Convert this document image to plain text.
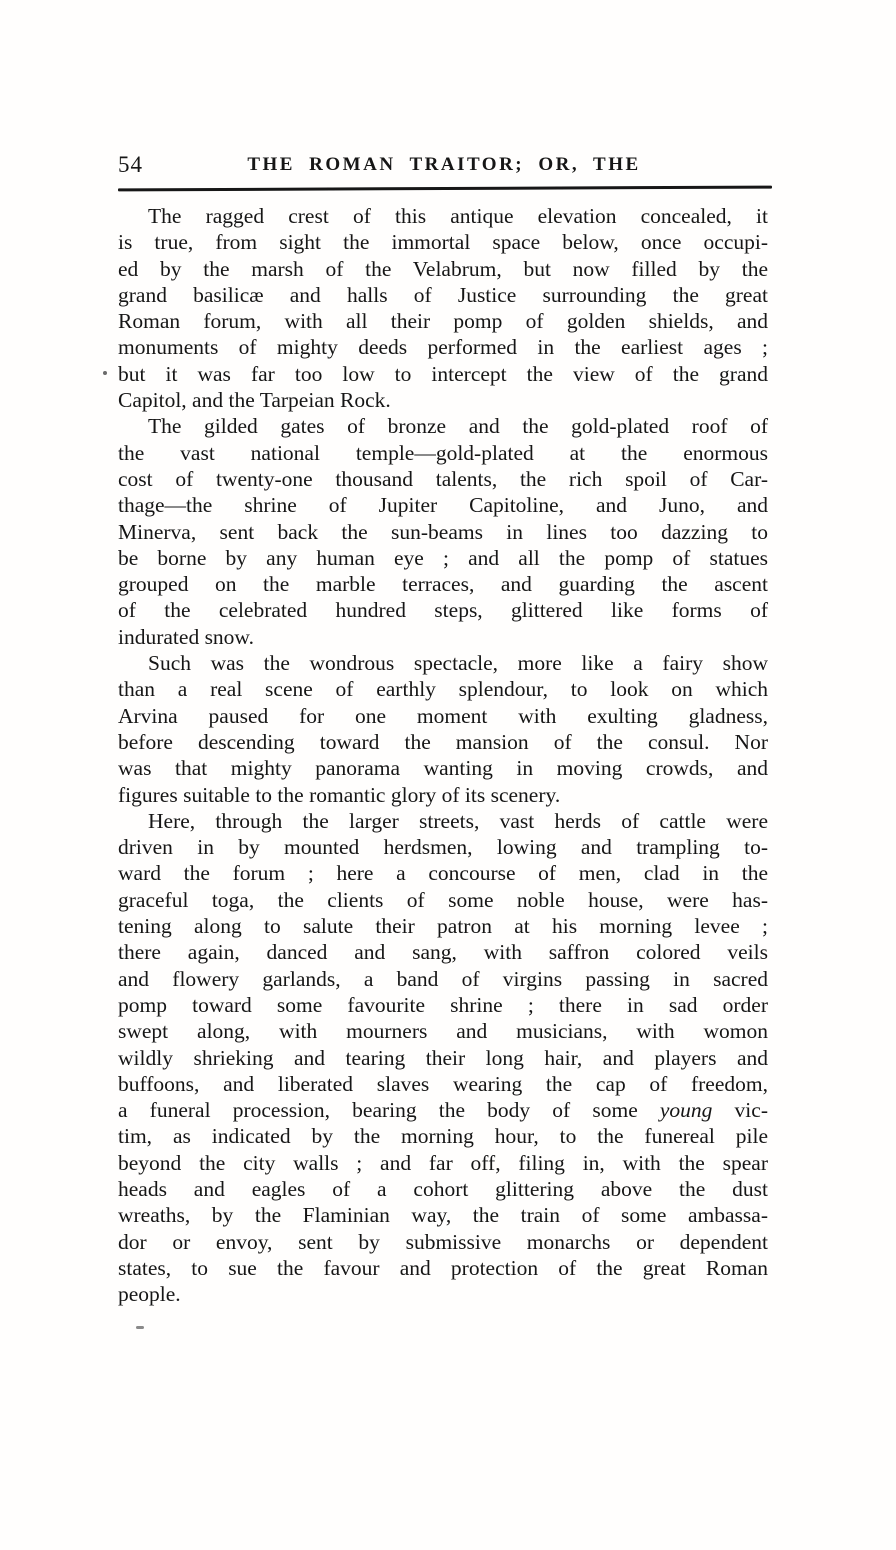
54	THE ROMAN TRAITOR; OR, THE
The ragged crest of this antique elevation concealed, it
is true, from sight the immortal space below, once occupi-
ed by the marsh of the Velabrum, but now filled by the
grand basilicæ and halls of Justice surrounding the great
Roman forum, with all their pomp of golden shields, and
monuments of mighty deeds performed in the earliest ages ;
but it was far too low to intercept the view of the grand
Capitol, and the Tarpeian Rock.
The gilded gates of bronze and the gold-plated roof of
the vast national temple—gold-plated at the enormous
cost of twenty-one thousand talents, the rich spoil of Car-
thage—the shrine of Jupiter Capitoline, and Juno, and
Minerva, sent back the sun-beams in lines too dazzing to
be borne by any human eye ; and all the pomp of statues
grouped on the marble terraces, and guarding the ascent
of the celebrated hundred steps, glittered like forms of
indurated snow.
Such was the wondrous spectacle, more like a fairy show
than a real scene of earthly splendour, to look on which
Arvina paused for one moment with exulting gladness,
before descending toward the mansion of the consul. Nor
was that mighty panorama wanting in moving crowds, and
figures suitable to the romantic glory of its scenery.
Here, through the larger streets, vast herds of cattle were
driven in by mounted herdsmen, lowing and trampling to-
ward the forum ; here a concourse of men, clad in the
graceful toga, the clients of some noble house, were has-
tening along to salute their patron at his morning levee ;
there again, danced and sang, with saffron colored veils
and flowery garlands, a band of virgins passing in sacred
pomp toward some favourite shrine ; there in sad order
swept along, with mourners and musicians, with womon
wildly shrieking and tearing their long hair, and players and
buffoons, and liberated slaves wearing the cap of freedom,
a funeral procession, bearing the body of some young vic-
tim, as indicated by the morning hour, to the funereal pile
beyond the city walls ; and far off, filing in, with the spear
heads and eagles of a cohort glittering above the dust
wreaths, by the Flaminian way, the train of some ambassa-
dor or envoy, sent by submissive monarchs or dependent
states, to sue the favour and protection of the great Roman
people.
